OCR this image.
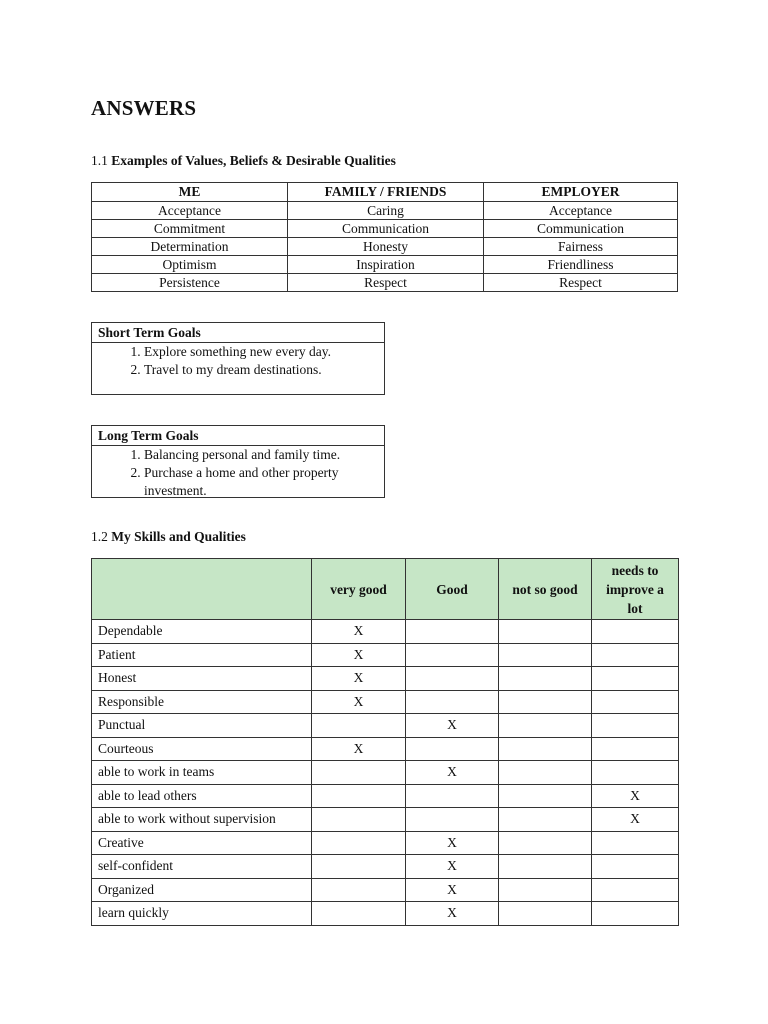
ANSWERS
1.1 Examples of Values, Beliefs & Desirable Qualities
ME	FAMILY / FRIENDS	EMPLOYER
Acceptance	Caring	Acceptance
Commitment	Communication	Communication
Determination	Honesty	Fairness
Optimism	Inspiration	Friendliness
Persistence	Respect	Respect
Short Term Goals
1. Explore something new every day.
2. Travel to my dream destinations.
Long Term Goals
1. Balancing personal and family time.
2. Purchase a home and other property investment.
1.2 My Skills and Qualities
	very good	Good	not so good	needs to improve a lot
Dependable	X			
Patient	X			
Honest	X			
Responsible	X			
Punctual		X		
Courteous	X			
able to work in teams		X		
able to lead others				X
able to work without supervision				X
Creative		X		
self-confident		X		
Organized		X		
learn quickly		X		
